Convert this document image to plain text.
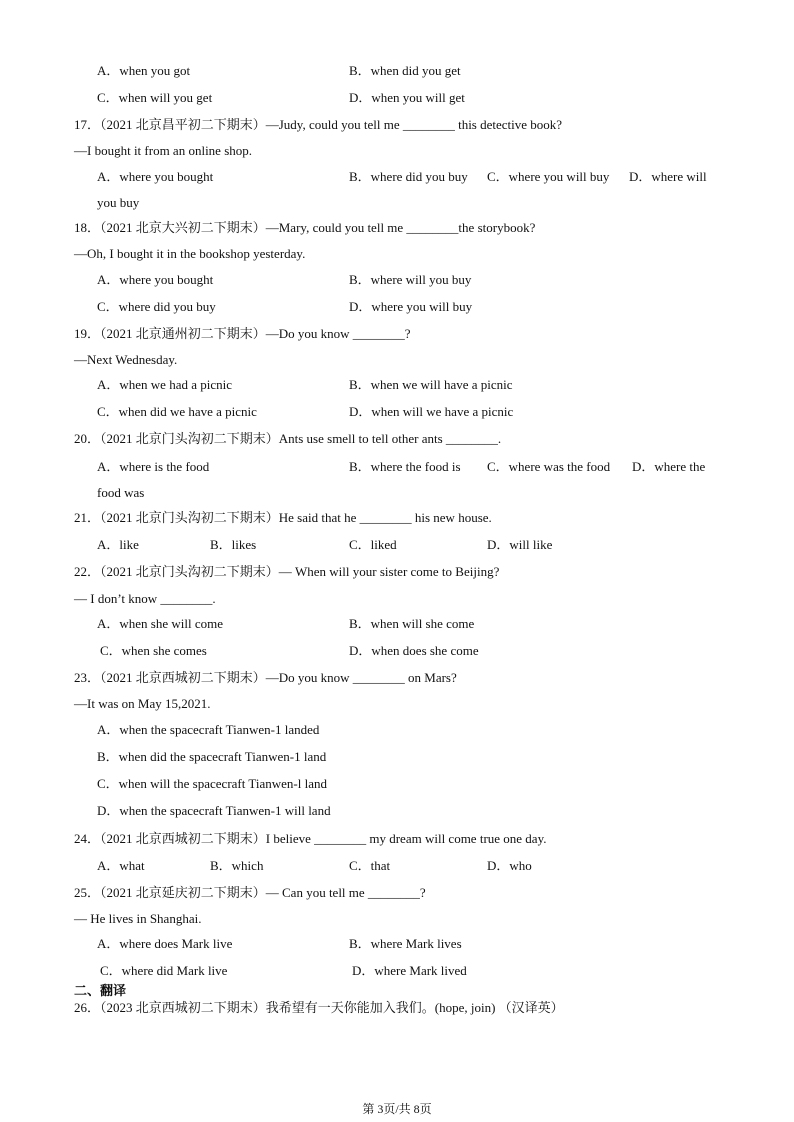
A．when you got	B．when did you get
C．when will you get	D．when you will get
17．（2021 北京昌平初二下期末）—Judy, could you tell me ________ this detective book?
—I bought it from an online shop.
A．where you bought	B．where did you buy C．where you will buy D．where will
you buy
18．（2021 北京大兴初二下期末）—Mary, could you tell me ________the storybook?
—Oh, I bought it in the bookshop yesterday.
A．where you bought	B．where will you buy
C．where did you buy	D．where you will buy
19．（2021 北京通州初二下期末）—Do you know ________?
—Next Wednesday.
A．when we had a picnic	B．when we will have a picnic
C．when did we have a picnic	D．when will we have a picnic
20．（2021 北京门头沟初二下期末）Ants use smell to tell other ants ________.
A．where is the food	B．where the food is C．where was the food D．where the
food was
21．（2021 北京门头沟初二下期末）He said that he ________ his new house.
A．like	B．likes	C．liked	D．will like
22．（2021 北京门头沟初二下期末）— When will your sister come to Beijing?
— I don’t know ________.
A．when she will come	B．when will she come
C．when she comes	D．when does she come
23．（2021 北京西城初二下期末）—Do you know ________ on Mars?
—It was on May 15,2021.
A．when the spacecraft Tianwen-1 landed
B．when did the spacecraft Tianwen-1 land
C．when will the spacecraft Tianwen-l land
D．when the spacecraft Tianwen-1 will land
24．（2021 北京西城初二下期末）I believe ________ my dream will come true one day.
A．what	B．which	C．that	D．who
25．（2021 北京延庆初二下期末）— Can you tell me ________?
— He lives in Shanghai.
A．where does Mark live	B．where Mark lives
C．where did Mark live	D．where Mark lived
二、翻译
26．（2023 北京西城初二下期末）我希望有一天你能加入我们。(hope, join) （汉译英）
第 3页/共 8页
